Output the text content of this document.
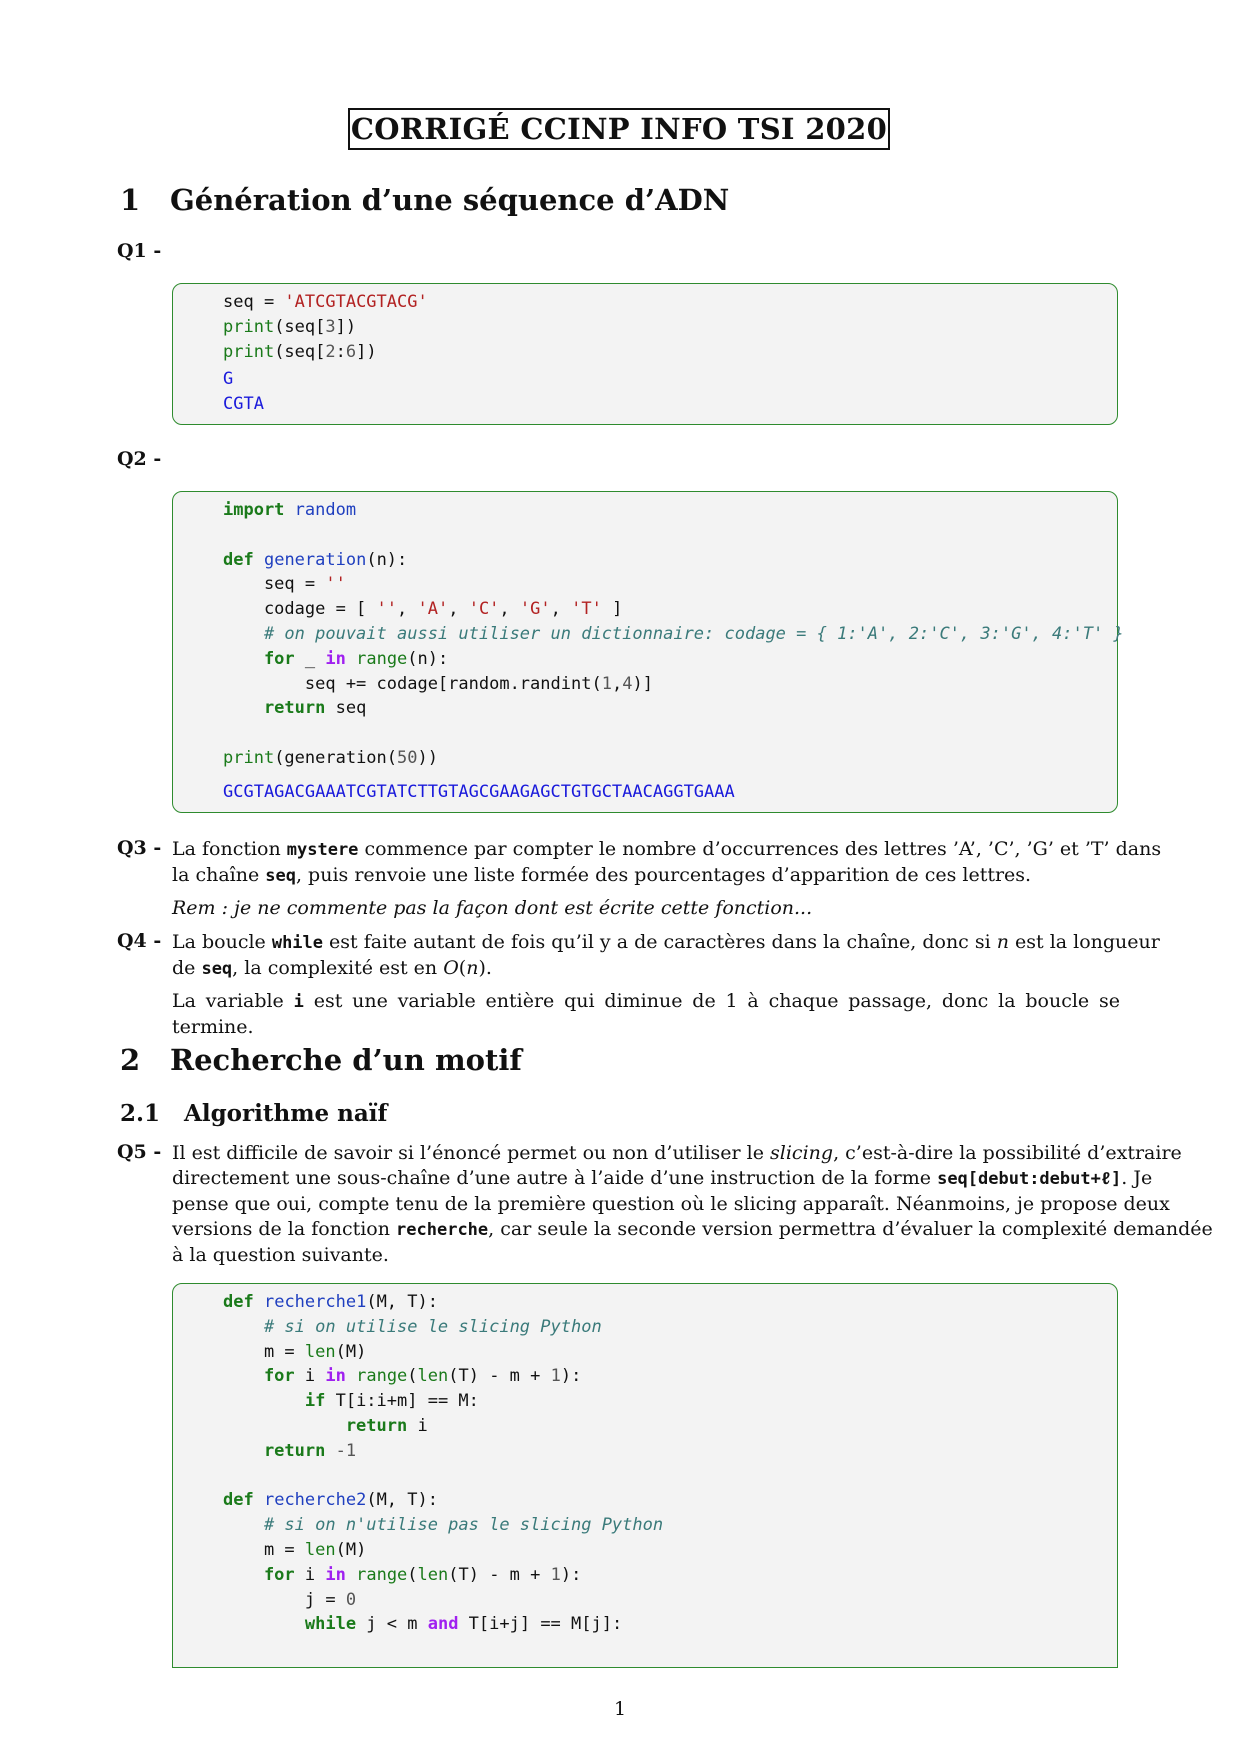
CORRIGÉ CCINP INFO TSI 2020
1 Génération d’une séquence d’ADN
Q1 -
seq = 'ATCGTACGTACG'
print(seq[3])
print(seq[2:6])
G
CGTA
Q2 -
import random

def generation(n):
seq = ''
codage = [ '', 'A', 'C', 'G', 'T' ]
# on pouvait aussi utiliser un dictionnaire: codage = { 1:'A', 2:'C', 3:'G', 4:'T' }
for _ in range(n):
seq += codage[random.randint(1,4)]
return seq

print(generation(50))
GCGTAGACGAAATCGTATCTTGTAGCGAAGAGCTGTGCTAACAGGTGAAA
Q3 - La fonction mystere commence par compter le nombre d’occurrences des lettres ’A’, ’C’, ’G’ et ’T’ dans
la chaîne seq, puis renvoie une liste formée des pourcentages d’apparition de ces lettres.
Rem : je ne commente pas la façon dont est écrite cette fonction...
Q4 - La boucle while est faite autant de fois qu’il y a de caractères dans la chaîne, donc si n est la longueur
de seq, la complexité est en O(n).
La variable i est une variable entière qui diminue de 1 à chaque passage, donc la boucle se termine.
2 Recherche d’un motif
2.1 Algorithme naïf
Q5 - Il est difficile de savoir si l’énoncé permet ou non d’utiliser le slicing, c’est-à-dire la possibilité d’extraire
directement une sous-chaîne d’une autre à l’aide d’une instruction de la forme seq[debut:debut+ℓ]. Je
pense que oui, compte tenu de la première question où le slicing apparaît. Néanmoins, je propose deux
versions de la fonction recherche, car seule la seconde version permettra d’évaluer la complexité demandée
à la question suivante.
def recherche1(M, T):
# si on utilise le slicing Python
m = len(M)
for i in range(len(T) - m + 1):
if T[i:i+m] == M:
return i
return -1

def recherche2(M, T):
# si on n'utilise pas le slicing Python
m = len(M)
for i in range(len(T) - m + 1):
j = 0
while j < m and T[i+j] == M[j]:
1
